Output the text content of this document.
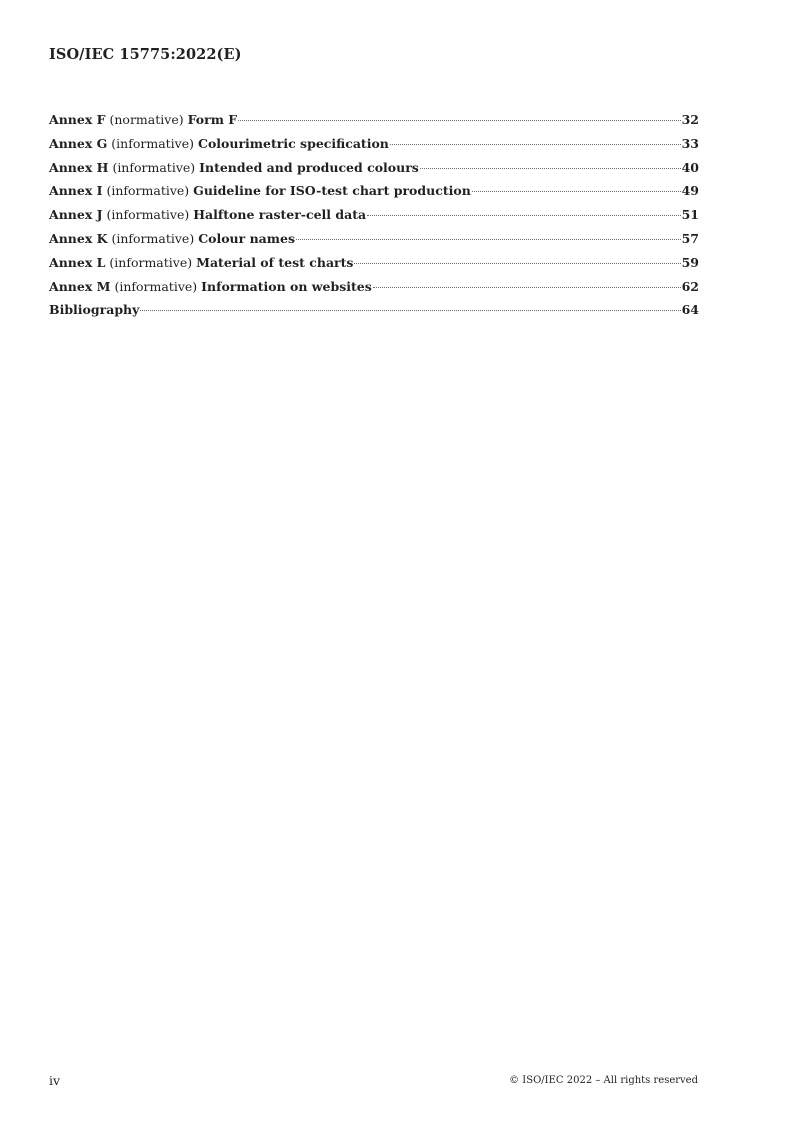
ISO/IEC 15775:2022(E)
Annex F (normative) Form F	32
Annex G (informative) Colourimetric specification	33
Annex H (informative) Intended and produced colours	40
Annex I (informative) Guideline for ISO-test chart production	49
Annex J (informative) Halftone raster-cell data	51
Annex K (informative) Colour names	57
Annex L (informative) Material of test charts	59
Annex M (informative) Information on websites	62
Bibliography	64
iv	© ISO/IEC 2022 – All rights reserved
